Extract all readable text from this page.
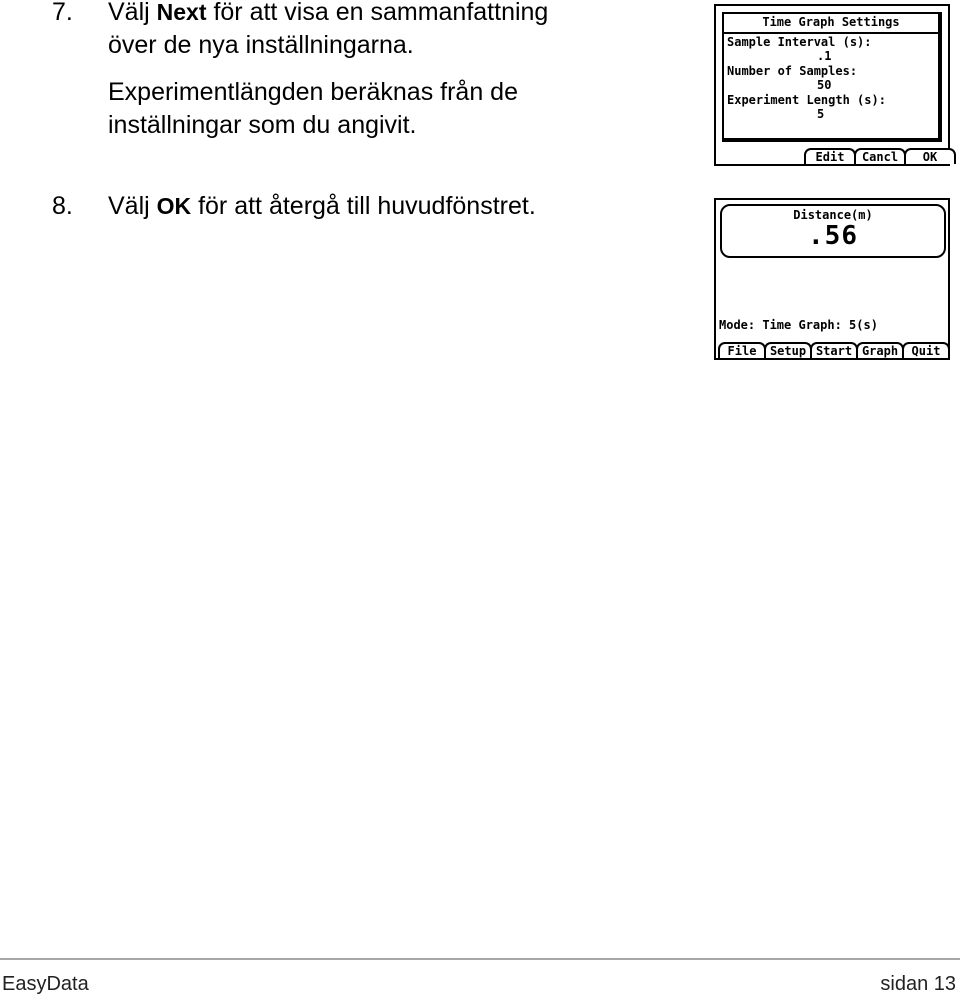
7. Välj Next för att visa en sammanfattning

över de nya inställningarna.

Experimentlängden beräknas från de

inställningar som du angivit.

8. Välj OK för att återgå till huvudfönstret.

Time Graph Settings
Sample Interval (s):
.1
Number of Samples:
50
Experiment Length (s):
5
Edit	Cancl	OK
Distance(m)
.56
Mode: Time Graph: 5(s)
File	Setup Start Graph	Quit
EasyData	sidan 13
